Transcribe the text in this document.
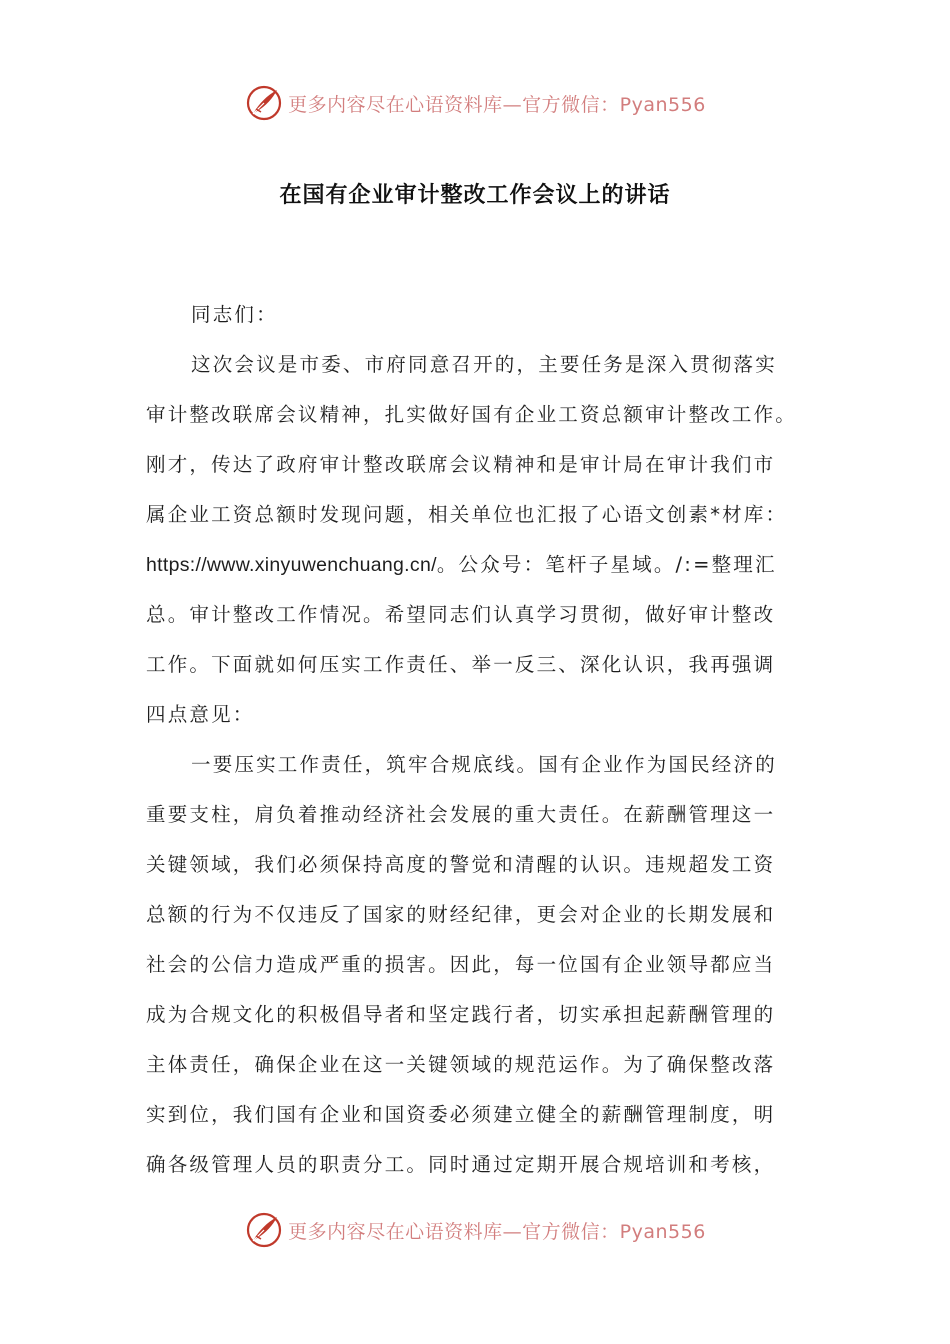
更多内容尽在心语资料库—官方微信：Pyan556
在国有企业审计整改工作会议上的讲话

同志们：

这次会议是市委、市府同意召开的，主要任务是深入贯彻落实
审计整改联席会议精神，扎实做好国有企业工资总额审计整改工作。
刚才，传达了政府审计整改联席会议精神和是审计局在审计我们市
属企业工资总额时发现问题，相关单位也汇报了心语文创素*材库：
https://www.xinyuwenchuang.cn/。公众号：笔杆子星域。/:=整理汇
总。审计整改工作情况。希望同志们认真学习贯彻，做好审计整改
工作。下面就如何压实工作责任、举一反三、深化认识，我再强调
四点意见：
一要压实工作责任，筑牢合规底线。国有企业作为国民经济的
重要支柱，肩负着推动经济社会发展的重大责任。在薪酬管理这一
关键领域，我们必须保持高度的警觉和清醒的认识。违规超发工资
总额的行为不仅违反了国家的财经纪律，更会对企业的长期发展和
社会的公信力造成严重的损害。因此，每一位国有企业领导都应当
成为合规文化的积极倡导者和坚定践行者，切实承担起薪酬管理的
主体责任，确保企业在这一关键领域的规范运作。为了确保整改落
实到位，我们国有企业和国资委必须建立健全的薪酬管理制度，明
确各级管理人员的职责分工。同时通过定期开展合规培训和考核，
更多内容尽在心语资料库—官方微信：Pyan556
